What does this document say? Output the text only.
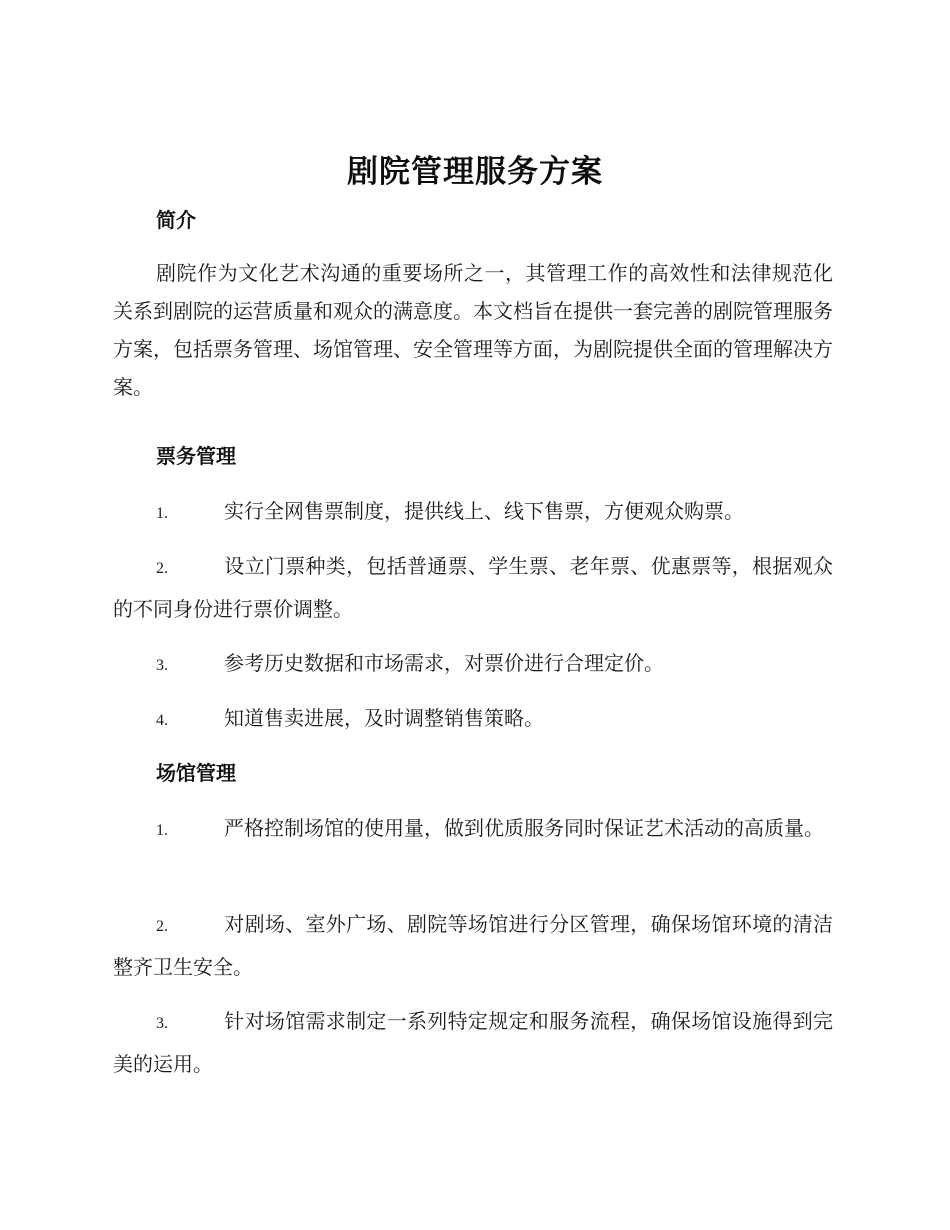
剧院管理服务方案
简介
剧院作为文化艺术沟通的重要场所之一，其管理工作的高效性和法律规范化关系到剧院的运营质量和观众的满意度。本文档旨在提供一套完善的剧院管理服务方案，包括票务管理、场馆管理、安全管理等方面，为剧院提供全面的管理解决方案。
票务管理
1.	实行全网售票制度，提供线上、线下售票，方便观众购票。
2.	设立门票种类，包括普通票、学生票、老年票、优惠票等，根据观众的不同身份进行票价调整。
3.	参考历史数据和市场需求，对票价进行合理定价。
4.	知道售卖进展，及时调整销售策略。
场馆管理
1.	严格控制场馆的使用量，做到优质服务同时保证艺术活动的高质量。
2.	对剧场、室外广场、剧院等场馆进行分区管理，确保场馆环境的清洁整齐卫生安全。
3.	针对场馆需求制定一系列特定规定和服务流程，确保场馆设施得到完美的运用。
